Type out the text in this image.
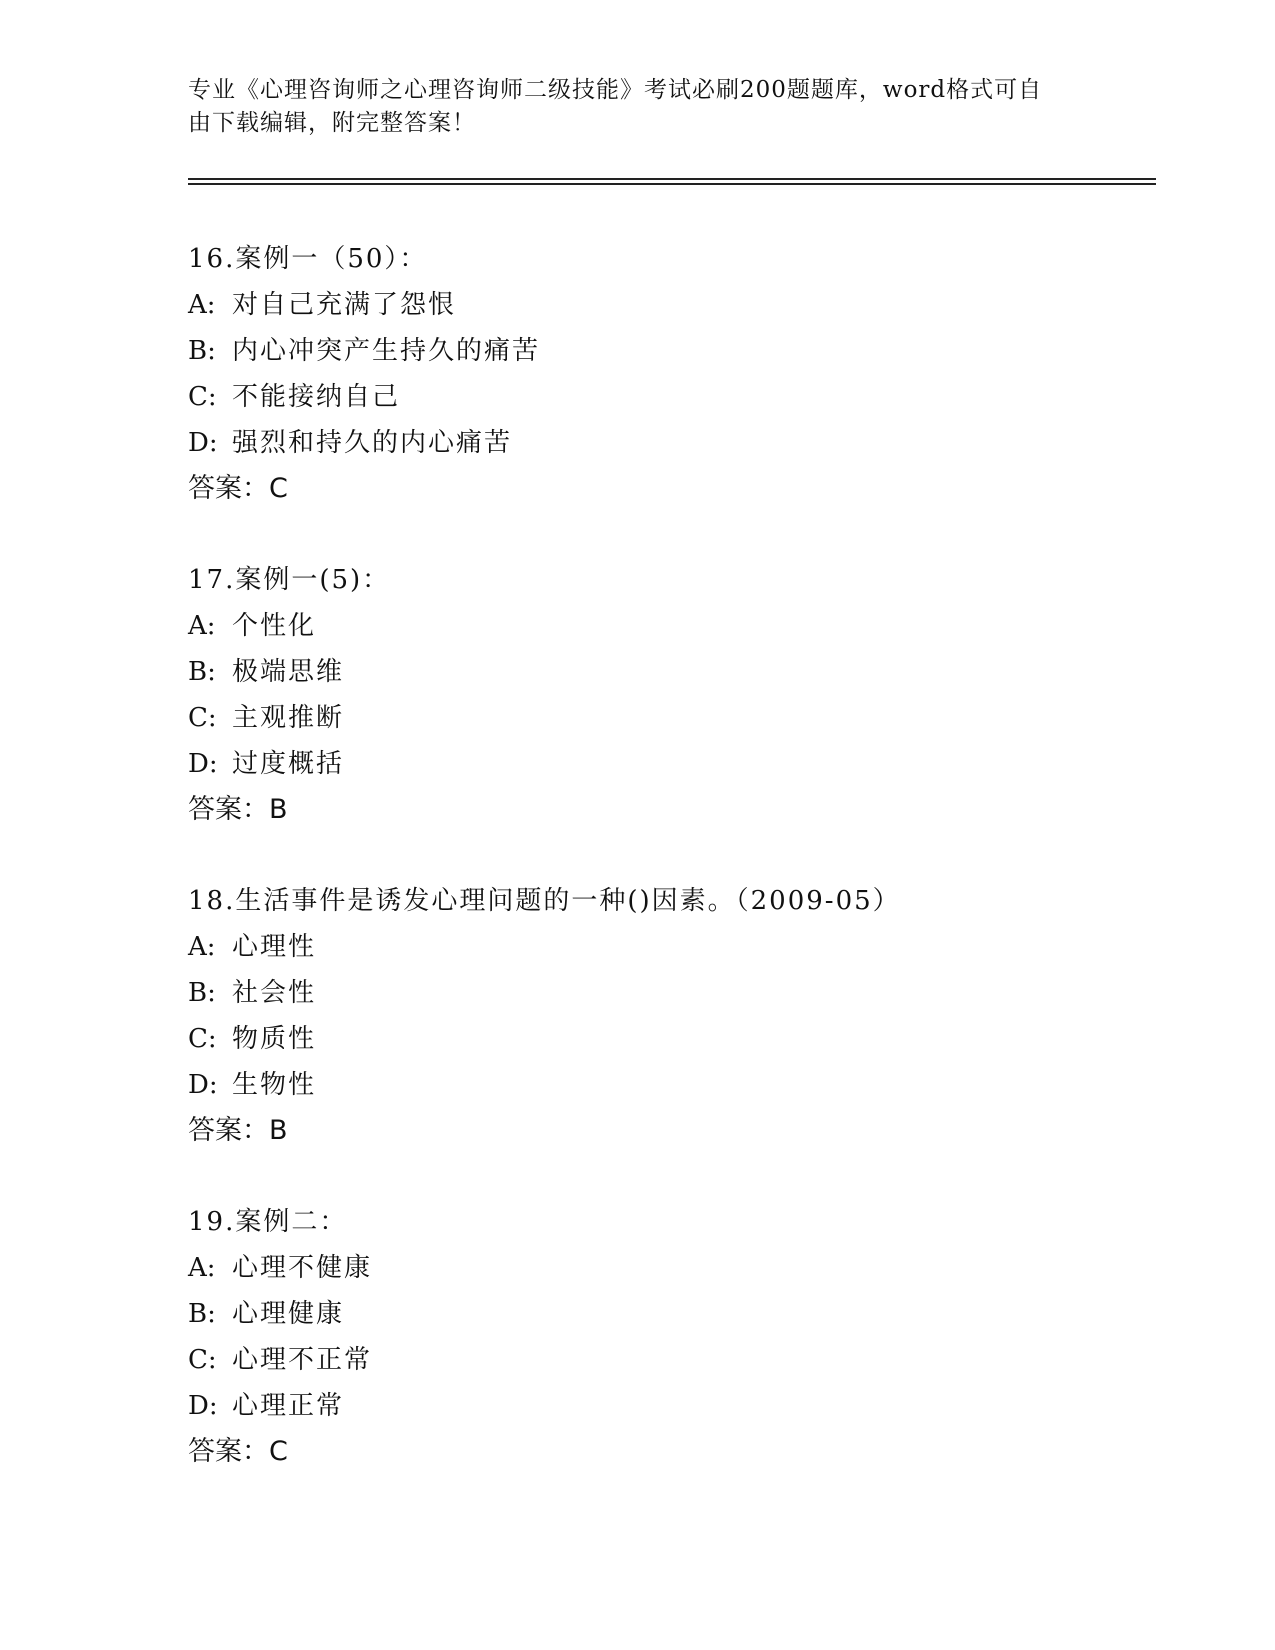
专业《心理咨询师之心理咨询师二级技能》考试必刷200题题库，word格式可自
由下载编辑，附完整答案！
16.案例一（50）：
A: 对自己充满了怨恨
B: 内心冲突产生持久的痛苦
C: 不能接纳自己
D: 强烈和持久的内心痛苦
答案：C
17.案例一(5)：
A: 个性化
B: 极端思维
C: 主观推断
D: 过度概括
答案：B
18.生活事件是诱发心理问题的一种()因素。（2009-05）
A: 心理性
B: 社会性
C: 物质性
D: 生物性
答案：B
19.案例二：
A: 心理不健康
B: 心理健康
C: 心理不正常
D: 心理正常
答案：C
